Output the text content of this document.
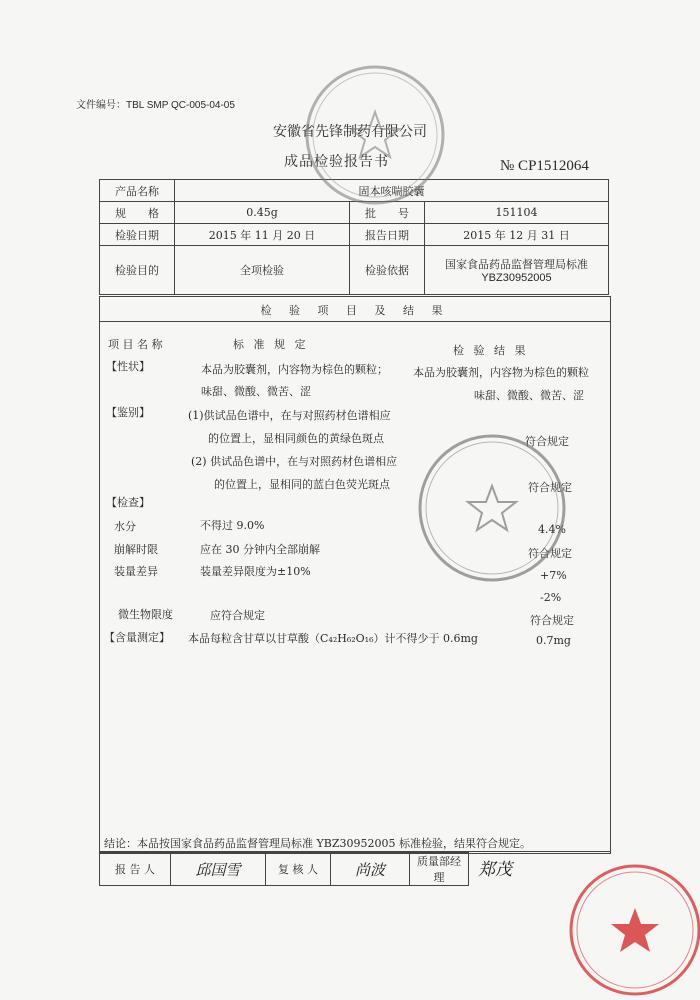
文件编号：TBL SMP QC-005-04-05
安徽省先锋制药有限公司
成品检验报告书	№ CP1512064
产品名称	固本咳喘胶囊		
规　　格	0.45g	批　　号	151104
检验日期	2015 年 11 月 20 日	报告日期	2015 年 12 月 31 日
检验目的	全项检验	检验依据	国家食品药品监督管理局标准
YBZ30952005
检 验 项 目 及 结 果
项 目 名 称	标 准 规 定	检 验 结 果
【性状】	本品为胶囊剂，内容物为棕色的颗粒；
味甜、微酸、微苦、涩
本品为胶囊剂，内容物为棕色的颗粒
味甜、微酸、微苦、涩
【鉴别】	(1)供试品色谱中，在与对照药材色谱相应
的位置上，显相同颜色的黄绿色斑点	符合规定
(2) 供试品色谱中，在与对照药材色谱相应
的位置上，显相同的蓝白色荧光斑点	符合规定
【检查】
水分	不得过 9.0%	4.4%
崩解时限	应在 30 分钟内全部崩解	符合规定
装量差异	装量差异限度为±10%	+7%
-2%
微生物限度	应符合规定	符合规定
【含量测定】 本品每粒含甘草以甘草酸（C₄₂H₆₂O₁₆）计不得少于 0.6mg	0.7mg
结论：本品按国家食品药品监督管理局标准 YBZ30952005 标准检验，结果符合规定。
报 告 人	邱国雪	复 核 人	尚波	质量部经理 郑茂
